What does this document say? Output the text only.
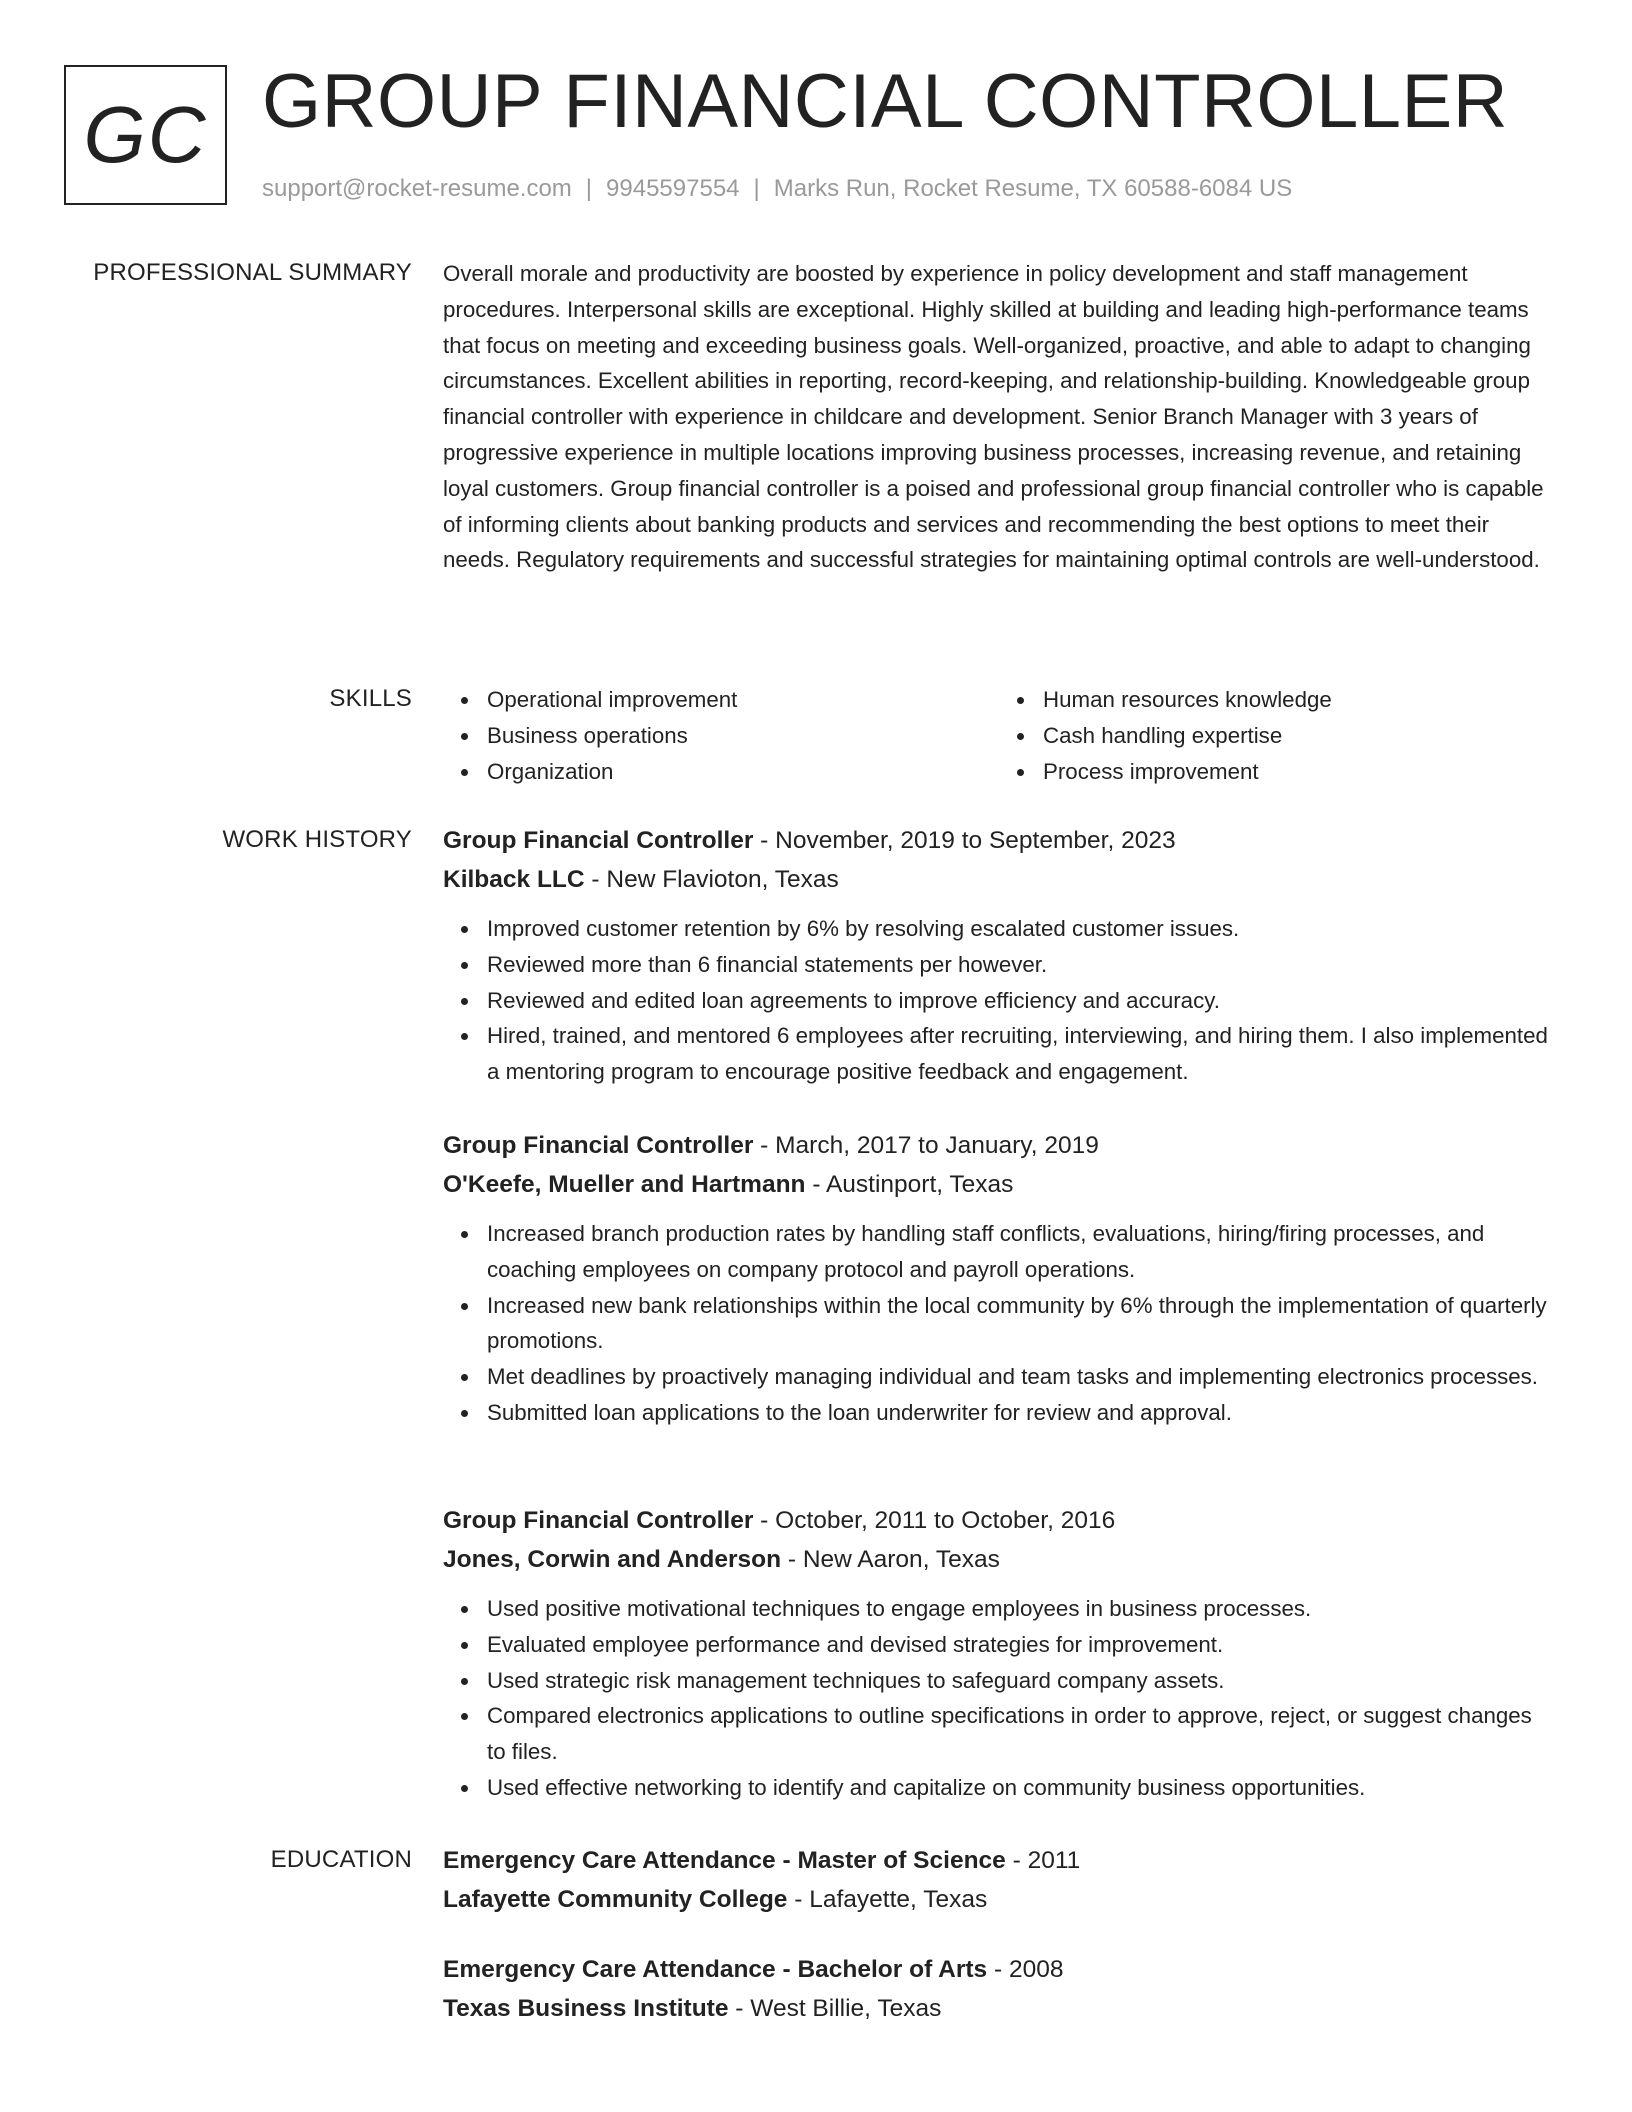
GC GROUP FINANCIAL CONTROLLER
support@rocket-resume.com | 9945597554 | Marks Run, Rocket Resume, TX 60588-6084 US
PROFESSIONAL SUMMARY Overall morale and productivity are boosted by experience in policy development and staff management procedures. Interpersonal skills are exceptional. Highly skilled at building and leading high-performance teams that focus on meeting and exceeding business goals. Well-organized, proactive, and able to adapt to changing circumstances. Excellent abilities in reporting, record-keeping, and relationship-building. Knowledgeable group financial controller with experience in childcare and development. Senior Branch Manager with 3 years of progressive experience in multiple locations improving business processes, increasing revenue, and retaining loyal customers. Group financial controller is a poised and professional group financial controller who is capable of informing clients about banking products and services and recommending the best options to meet their needs. Regulatory requirements and successful strategies for maintaining optimal controls are well-understood.

SKILLS	Operational improvement
Business operations
Organization
Human resources knowledge
Cash handling expertise
Process improvement
WORK HISTORY Group Financial Controller - November, 2019 to September, 2023
Kilback LLC - New Flavioton, Texas
Improved customer retention by 6% by resolving escalated customer issues.
Reviewed more than 6 financial statements per however.
Reviewed and edited loan agreements to improve efficiency and accuracy.
Hired, trained, and mentored 6 employees after recruiting, interviewing, and hiring them. I also implemented a mentoring program to encourage positive feedback and engagement.
Group Financial Controller - March, 2017 to January, 2019
O'Keefe, Mueller and Hartmann - Austinport, Texas
Increased branch production rates by handling staff conflicts, evaluations, hiring/firing processes, and coaching employees on company protocol and payroll operations.
Increased new bank relationships within the local community by 6% through the implementation of quarterly promotions.
Met deadlines by proactively managing individual and team tasks and implementing electronics processes.
Submitted loan applications to the loan underwriter for review and approval.
Group Financial Controller - October, 2011 to October, 2016
Jones, Corwin and Anderson - New Aaron, Texas
Used positive motivational techniques to engage employees in business processes.
Evaluated employee performance and devised strategies for improvement.
Used strategic risk management techniques to safeguard company assets.
Compared electronics applications to outline specifications in order to approve, reject, or suggest changes to files.
Used effective networking to identify and capitalize on community business opportunities.
EDUCATION Emergency Care Attendance - Master of Science - 2011
Lafayette Community College - Lafayette, Texas
Emergency Care Attendance - Bachelor of Arts - 2008
Texas Business Institute - West Billie, Texas
